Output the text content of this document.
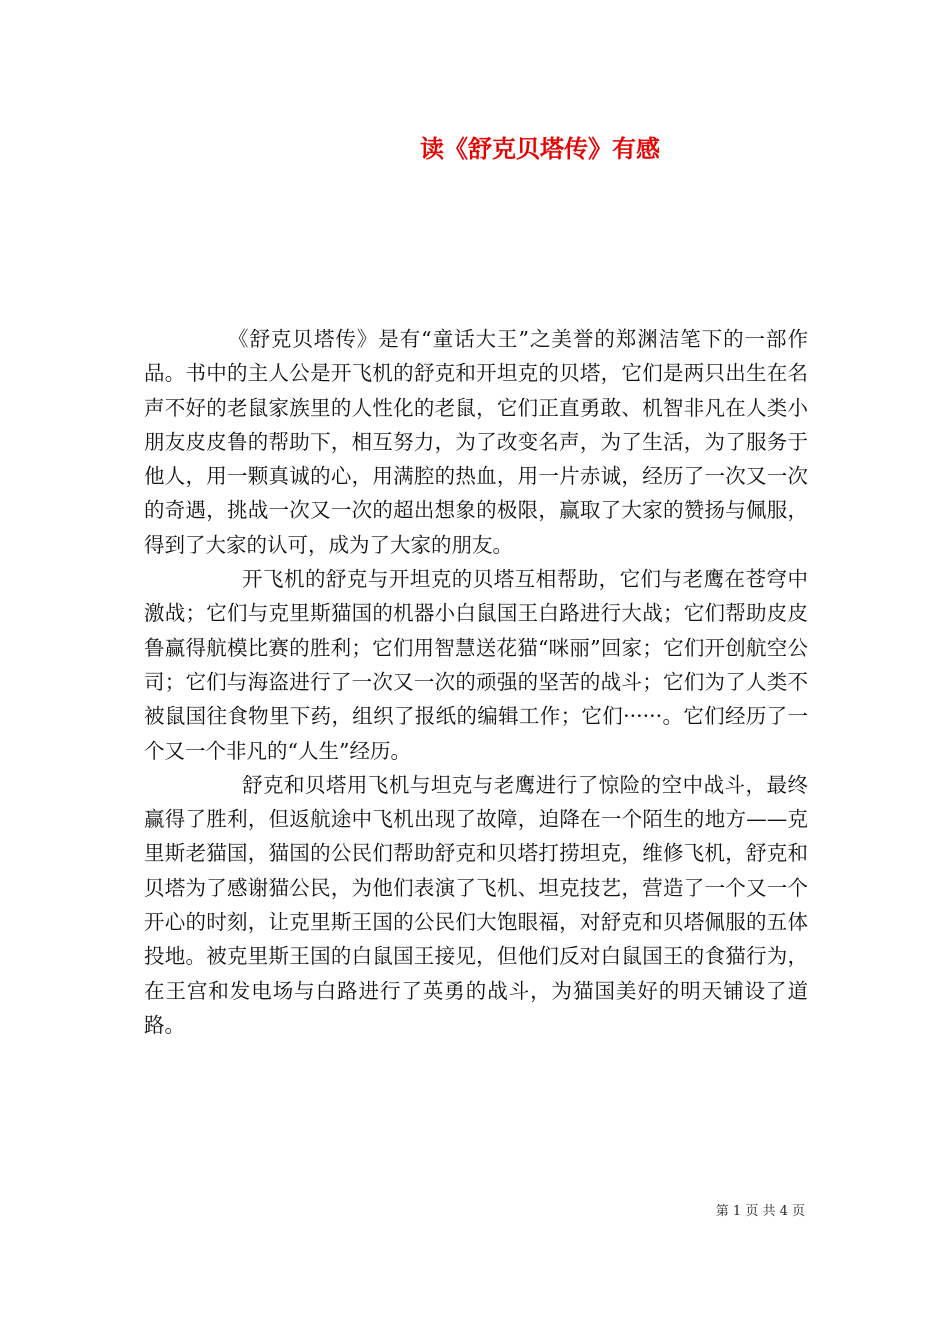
读《舒克贝塔传》有感

《舒克贝塔传》是有“童话大王”之美誉的郑渊洁笔下的一部作品。书中的主人公是开飞机的舒克和开坦克的贝塔，它们是两只出生在名声不好的老鼠家族里的人性化的老鼠，它们正直勇敢、机智非凡在人类小朋友皮皮鲁的帮助下，相互努力，为了改变名声，为了生活，为了服务于他人，用一颗真诚的心，用满腔的热血，用一片赤诚，经历了一次又一次的奇遇，挑战一次又一次的超出想象的极限，赢取了大家的赞扬与佩服，得到了大家的认可，成为了大家的朋友。

开飞机的舒克与开坦克的贝塔互相帮助，它们与老鹰在苍穹中激战；它们与克里斯猫国的机器小白鼠国王白路进行大战；它们帮助皮皮鲁赢得航模比赛的胜利；它们用智慧送花猫“咪丽”回家；它们开创航空公司；它们与海盗进行了一次又一次的顽强的坚苦的战斗；它们为了人类不被鼠国往食物里下药，组织了报纸的编辑工作；它们······。它们经历了一个又一个非凡的“人生”经历。

舒克和贝塔用飞机与坦克与老鹰进行了惊险的空中战斗，最终赢得了胜利，但返航途中飞机出现了故障，迫降在一个陌生的地方——克里斯老猫国，猫国的公民们帮助舒克和贝塔打捞坦克，维修飞机，舒克和贝塔为了感谢猫公民，为他们表演了飞机、坦克技艺，营造了一个又一个开心的时刻，让克里斯王国的公民们大饱眼福，对舒克和贝塔佩服的五体投地。被克里斯王国的白鼠国王接见，但他们反对白鼠国王的食猫行为，在王宫和发电场与白路进行了英勇的战斗，为猫国美好的明天铺设了道路。

第 1 页 共 4 页
